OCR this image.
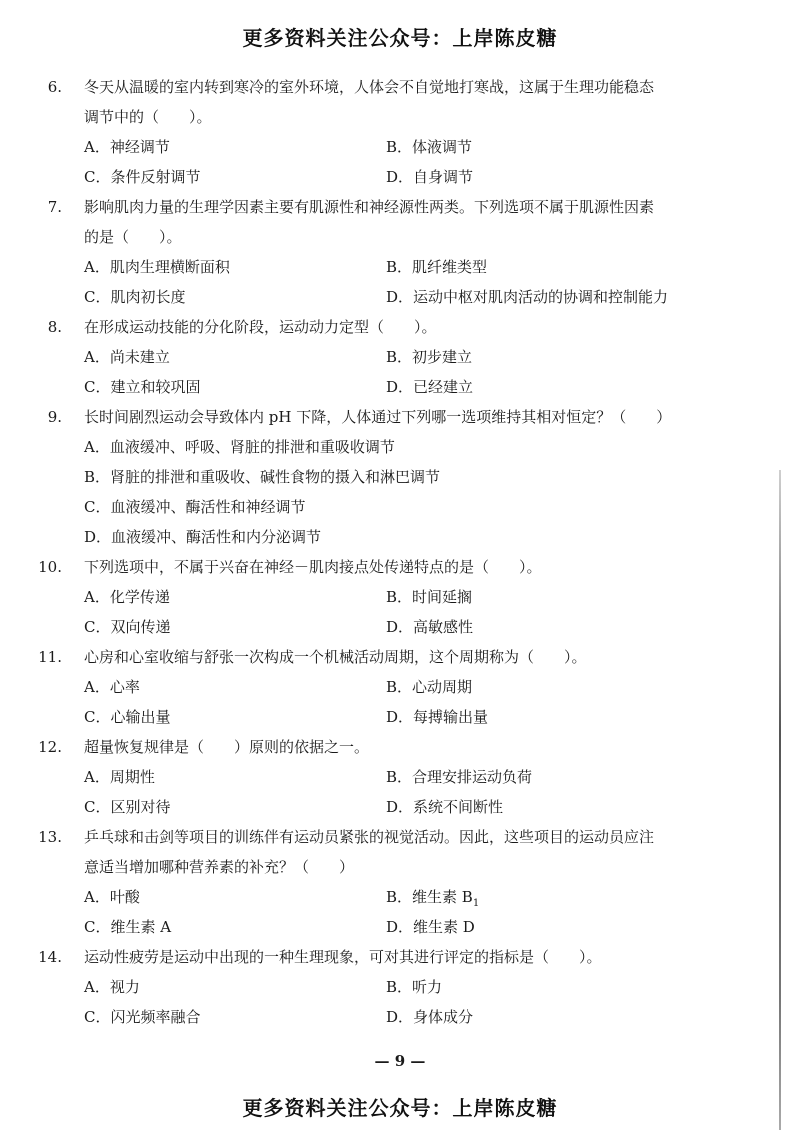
更多资料关注公众号：上岸陈皮糖
6. 冬天从温暖的室内转到寒冷的室外环境，人体会不自觉地打寒战，这属于生理功能稳态
调节中的（　　）。
A．神经调节	B．体液调节
C．条件反射调节	D．自身调节
7. 影响肌肉力量的生理学因素主要有肌源性和神经源性两类。下列选项不属于肌源性因素
的是（　　）。
A．肌肉生理横断面积	B．肌纤维类型
C．肌肉初长度	D．运动中枢对肌肉活动的协调和控制能力
8. 在形成运动技能的分化阶段，运动动力定型（　　）。
A．尚未建立	B．初步建立
C．建立和较巩固	D．已经建立
9. 长时间剧烈运动会导致体内 pH 下降，人体通过下列哪一选项维持其相对恒定？（　　）
A．血液缓冲、呼吸、肾脏的排泄和重吸收调节
B．肾脏的排泄和重吸收、碱性食物的摄入和淋巴调节
C．血液缓冲、酶活性和神经调节
D．血液缓冲、酶活性和内分泌调节
10. 下列选项中，不属于兴奋在神经－肌肉接点处传递特点的是（　　）。
A．化学传递	B．时间延搁
C．双向传递	D．高敏感性
11. 心房和心室收缩与舒张一次构成一个机械活动周期，这个周期称为（　　）。
A．心率	B．心动周期
C．心输出量	D．每搏输出量
12. 超量恢复规律是（　　）原则的依据之一。
A．周期性	B．合理安排运动负荷
C．区别对待	D．系统不间断性
13. 乒乓球和击剑等项目的训练伴有运动员紧张的视觉活动。因此，这些项目的运动员应注
意适当增加哪种营养素的补充？（　　）
A．叶酸	B．维生素 $B_1$
C．维生素 A	D．维生素 D
14. 运动性疲劳是运动中出现的一种生理现象，可对其进行评定的指标是（　　）。
A．视力	B．听力
C．闪光频率融合	D．身体成分
— 9 —
更多资料关注公众号：上岸陈皮糖
